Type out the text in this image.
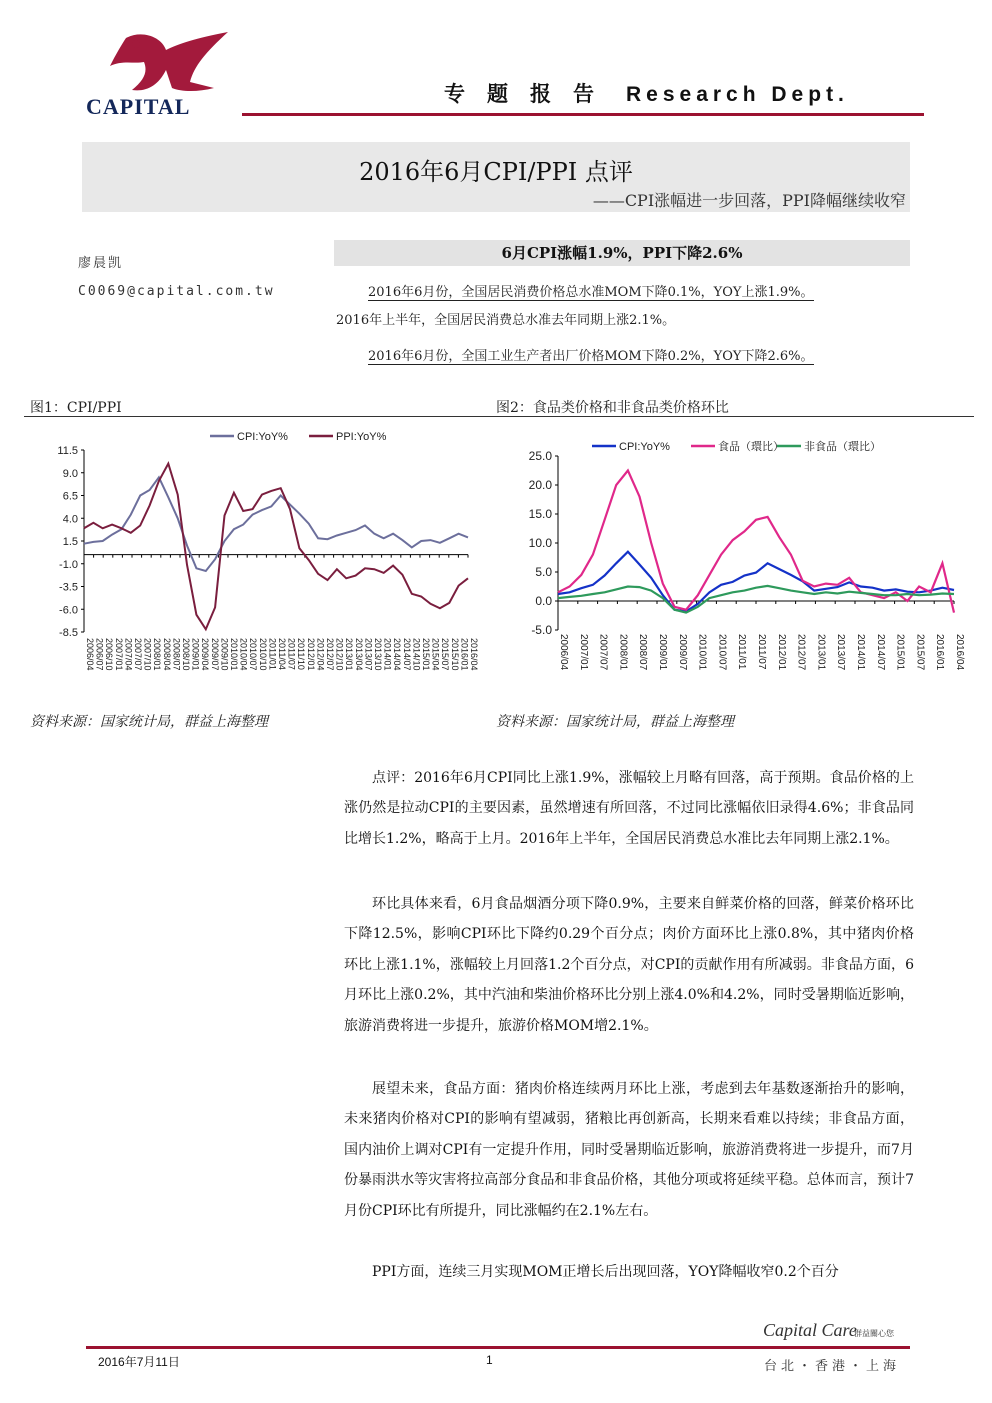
CAPITAL	专题报告 Research Dept.
2016年6月CPI/PPI 点评
——CPI涨幅进一步回落，PPI降幅继续收窄
廖晨凯
C0069@capital.com.tw
6月CPI涨幅1.9%，PPI下降2.6%
2016年6月份，全国居民消费价格总水准MOM下降0.1%，YOY上涨1.9%。
2016年上半年，全国居民消费总水准去年同期上涨2.1%。
2016年6月份，全国工业生产者出厂价格MOM下降0.2%，YOY下降2.6%。
图1：CPI/PPI	图2：食品类价格和非食品类价格环比
11.5
9.0
6.5
4.0
1.5
-1.0
-3.5
-6.0
-8.5
2006/04 2006/07 2006/10 2007/01 2007/04 2007/07 2007/10 2008/01 2008/04 2008/07 2008/10 2009/01 2009/04 2009/07 2009/10 2010/01 2010/04 2010/07 2010/10 2011/01 2011/04 2011/07 2011/10 2012/01 2012/04 2012/07 2012/10 2013/01 2013/04 2013/07 2013/10 2014/01 2014/04 2014/07 2014/10 2015/01 2015/04 2015/07 2015/10 2016/01 2016/04
CPI:YoY%	PPI:YoY%
25.0
20.0
15.0
10.0
5.0
0.0
-5.0
2006/04 2007/01 2007/07 2008/01 2008/07 2009/01 2009/07 2010/01 2010/07 2011/01 2011/07 2012/01 2012/07 2013/01 2013/07 2014/01 2014/07 2015/01 2015/07 2016/01 2016/04
CPI:YoY%	食品（環比） 非食品（環比）
资料来源：国家统计局，群益上海整理	资料来源：国家统计局，群益上海整理
点评：2016年6月CPI同比上涨1.9%，涨幅较上月略有回落，高于预期。食品价格的上涨仍然是拉动CPI的主要因素，虽然增速有所回落，不过同比涨幅依旧录得4.6%；非食品同比增长1.2%，略高于上月。2016年上半年，全国居民消费总水准比去年同期上涨2.1%。
环比具体来看，6月食品烟酒分项下降0.9%，主要来自鲜菜价格的回落，鲜菜价格环比下降12.5%，影响CPI环比下降约0.29个百分点；肉价方面环比上涨0.8%，其中猪肉价格环比上涨1.1%，涨幅较上月回落1.2个百分点，对CPI的贡献作用有所减弱。非食品方面，6月环比上涨0.2%，其中汽油和柴油价格环比分别上涨4.0%和4.2%，同时受暑期临近影响，旅游消费将进一步提升，旅游价格MOM增2.1%。
展望未来，食品方面：猪肉价格连续两月环比上涨，考虑到去年基数逐渐抬升的影响，未来猪肉价格对CPI的影响有望减弱，猪粮比再创新高，长期来看难以持续；非食品方面，国内油价上调对CPI有一定提升作用，同时受暑期临近影响，旅游消费将进一步提升，而7月份暴雨洪水等灾害将拉高部分食品和非食品价格，其他分项或将延续平稳。总体而言，预计7月份CPI环比有所提升，同比涨幅约在2.1%左右。
PPI方面，连续三月实现MOM正增长后出现回落，YOY降幅收窄0.2个百分
Capital Care
群益關心您
2016年7月11日	1	台北・香港・上海
